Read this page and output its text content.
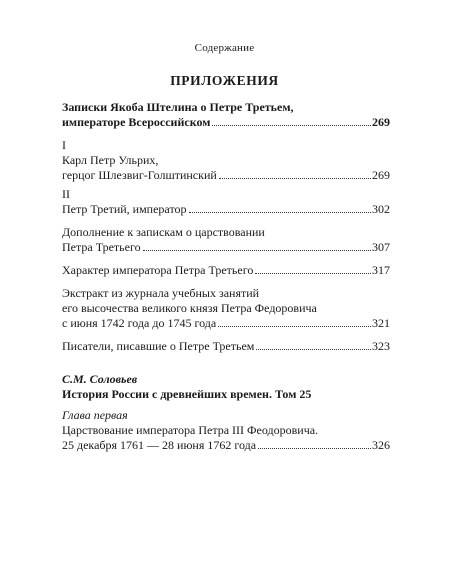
Содержание
ПРИЛОЖЕНИЯ
Записки Якоба Штелина о Петре Третьем,
императоре Всероссийском	269
I
Карл Петр Ульрих,
герцог Шлезвиг-Голштинский	269
II
Петр Третий, император	302
Дополнение к запискам о царствовании
Петра Третьего	307
Характер императора Петра Третьего	317
Экстракт из журнала учебных занятий
его высочества великого князя Петра Федоровича
с июня 1742 года до 1745 года	321
Писатели, писавшие о Петре Третьем	323
С.М. Соловьев
История России с древнейших времен. Том 25
Глава первая
Царствование императора Петра III Феодоровича.
25 декабря 1761 — 28 июня 1762 года	326
